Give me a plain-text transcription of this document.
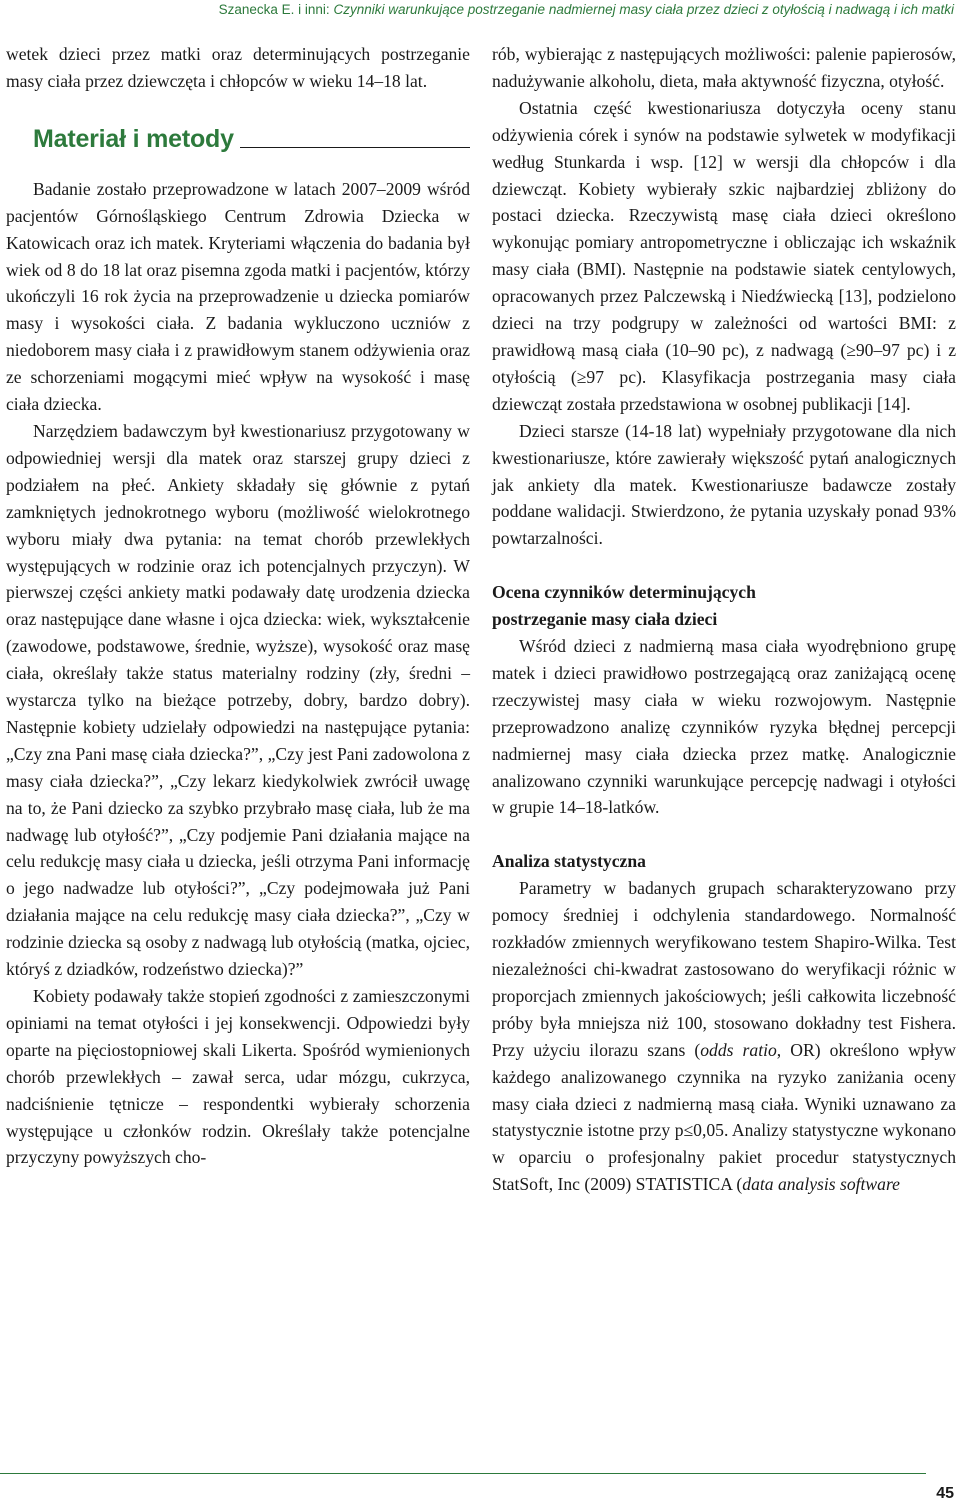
Szanecka E. i inni: Czynniki warunkujące postrzeganie nadmiernej masy ciała przez dzieci z otyłością i nadwagą i ich matki

wetek dzieci przez matki oraz determinujących postrzeganie masy ciała przez dziewczęta i chłopców w wieku 14–18 lat.

Materiał i metody

Badanie zostało przeprowadzone w latach 2007–2009 wśród pacjentów Górnośląskiego Centrum Zdrowia Dziecka w Katowicach oraz ich matek. Kryteriami włączenia do badania był wiek od 8 do 18 lat oraz pisemna zgoda matki i pacjentów, którzy ukończyli 16 rok życia na przeprowadzenie u dziecka pomiarów masy i wysokości ciała. Z badania wykluczono uczniów z niedoborem masy ciała i z prawidłowym stanem odżywienia oraz ze schorzeniami mogącymi mieć wpływ na wysokość i masę ciała dziecka.

Narzędziem badawczym był kwestionariusz przygotowany w odpowiedniej wersji dla matek oraz starszej grupy dzieci z podziałem na płeć. Ankiety składały się głównie z pytań zamkniętych jednokrotnego wyboru (możliwość wielokrotnego wyboru miały dwa pytania: na temat chorób przewlekłych występujących w rodzinie oraz ich potencjalnych przyczyn). W pierwszej części ankiety matki podawały datę urodzenia dziecka oraz następujące dane własne i ojca dziecka: wiek, wykształcenie (zawodowe, podstawowe, średnie, wyższe), wysokość oraz masę ciała, określały także status materialny rodziny (zły, średni – wystarcza tylko na bieżące potrzeby, dobry, bardzo dobry). Następnie kobiety udzielały odpowiedzi na następujące pytania: „Czy zna Pani masę ciała dziecka?”, „Czy jest Pani zadowolona z masy ciała dziecka?”, „Czy lekarz kiedykolwiek zwrócił uwagę na to, że Pani dziecko za szybko przybrało masę ciała, lub że ma nadwagę lub otyłość?”, „Czy podjemie Pani działania mające na celu redukcję masy ciała u dziecka, jeśli otrzyma Pani informację o jego nadwadze lub otyłości?”, „Czy podejmowała już Pani działania mające na celu redukcję masy ciała dziecka?”, „Czy w rodzinie dziecka są osoby z nadwagą lub otyłością (matka, ojciec, któryś z dziadków, rodzeństwo dziecka)?”

Kobiety podawały także stopień zgodności z zamieszczonymi opiniami na temat otyłości i jej konsekwencji. Odpowiedzi były oparte na pięciostopniowej skali Likerta. Spośród wymienionych chorób przewlekłych – zawał serca, udar mózgu, cukrzyca, nadciśnienie tętnicze – respondentki wybierały schorzenia występujące u członków rodzin. Określały także potencjalne przyczyny powyższych cho-

rób, wybierając z następujących możliwości: palenie papierosów, nadużywanie alkoholu, dieta, mała aktywność fizyczna, otyłość.

Ostatnia część kwestionariusza dotyczyła oceny stanu odżywienia córek i synów na podstawie sylwetek w modyfikacji według Stunkarda i wsp. [12] w wersji dla chłopców i dla dziewcząt. Kobiety wybierały szkic najbardziej zbliżony do postaci dziecka. Rzeczywistą masę ciała dzieci określono wykonując pomiary antropometryczne i obliczając ich wskaźnik masy ciała (BMI). Następnie na podstawie siatek centylowych, opracowanych przez Palczewską i Niedźwiecką [13], podzielono dzieci na trzy podgrupy w zależności od wartości BMI: z prawidłową masą ciała (10–90 pc), z nadwagą (≥90–97 pc) i z otyłością (≥97 pc). Klasyfikacja postrzegania masy ciała dziewcząt została przedstawiona w osobnej publikacji [14].

Dzieci starsze (14-18 lat) wypełniały przygotowane dla nich kwestionariusze, które zawierały większość pytań analogicznych jak ankiety dla matek. Kwestionariusze badawcze zostały poddane walidacji. Stwierdzono, że pytania uzyskały ponad 93% powtarzalności.

Ocena czynników determinujących
postrzeganie masy ciała dzieci

Wśród dzieci z nadmierną masa ciała wyodrębniono grupę matek i dzieci prawidłowo postrzegającą oraz zaniżającą ocenę rzeczywistej masy ciała w wieku rozwojowym. Następnie przeprowadzono analizę czynników ryzyka błędnej percepcji nadmiernej masy ciała dziecka przez matkę. Analogicznie analizowano czynniki warunkujące percepcję nadwagi i otyłości w grupie 14–18-latków.

Analiza statystyczna

Parametry w badanych grupach scharakteryzowano przy pomocy średniej i odchylenia standardowego. Normalność rozkładów zmiennych weryfikowano testem Shapiro-Wilka. Test niezależności chi-kwadrat zastosowano do weryfikacji różnic w proporcjach zmiennych jakościowych; jeśli całkowita liczebność próby była mniejsza niż 100, stosowano dokładny test Fishera. Przy użyciu ilorazu szans (odds ratio, OR) określono wpływ każdego analizowanego czynnika na ryzyko zaniżania oceny masy ciała dzieci z nadmierną masą ciała. Wyniki uznawano za statystycznie istotne przy p≤0,05. Analizy statystyczne wykonano w oparciu o profesjonalny pakiet procedur statystycznych StatSoft, Inc (2009) STATISTICA (data analysis software

45
